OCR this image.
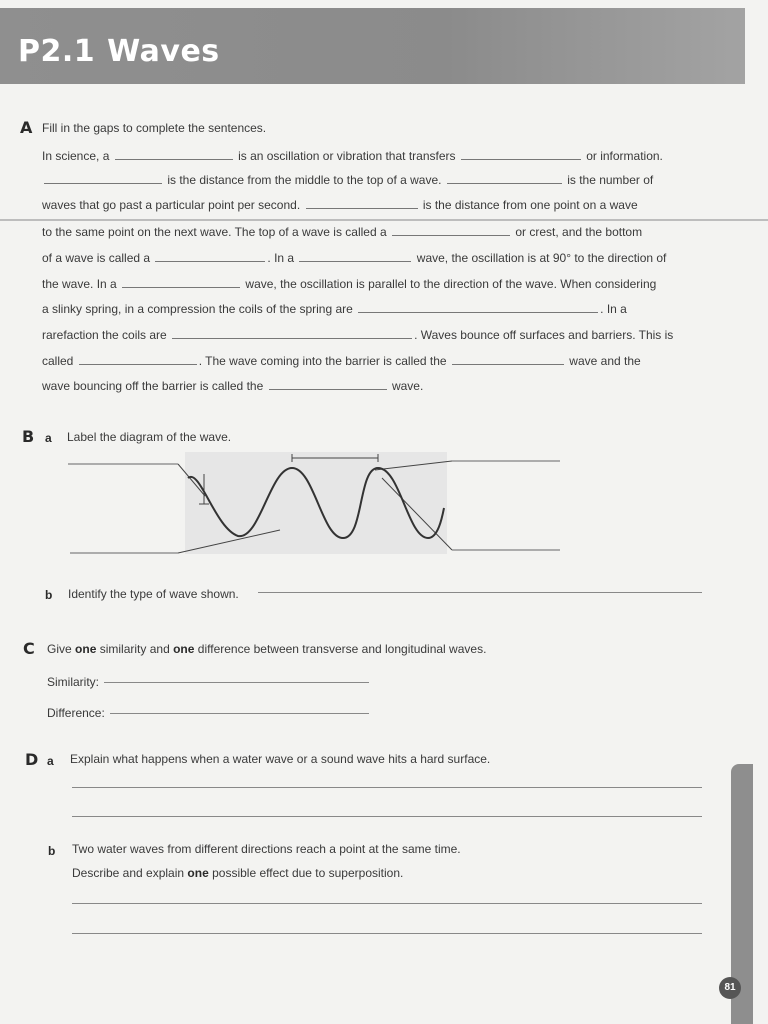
P2.1 Waves
A Fill in the gaps to complete the sentences.
In science, a	is an oscillation or vibration that transfers	or information.
is the distance from the middle to the top of a wave.	is the number of
waves that go past a particular point per second.	is the distance from one point on a wave
to the same point on the next wave. The top of a wave is called a	or crest, and the bottom
of a wave is called a	. In a	wave, the oscillation is at 90° to the direction of
the wave. In a	wave, the oscillation is parallel to the direction of the wave. When considering
a slinky spring, in a compression the coils of the spring are	. In a
rarefaction the coils are	. Waves bounce off surfaces and barriers. This is
called	. The wave coming into the barrier is called the	wave and the
wave bouncing off the barrier is called the	wave.
B a Label the diagram of the wave.
b Identify the type of wave shown.
C Give one similarity and one difference between transverse and longitudinal waves.
Similarity:
Difference:
D a Explain what happens when a water wave or a sound wave hits a hard surface.
b Two water waves from different directions reach a point at the same time.
Describe and explain one possible effect due to superposition.
81
